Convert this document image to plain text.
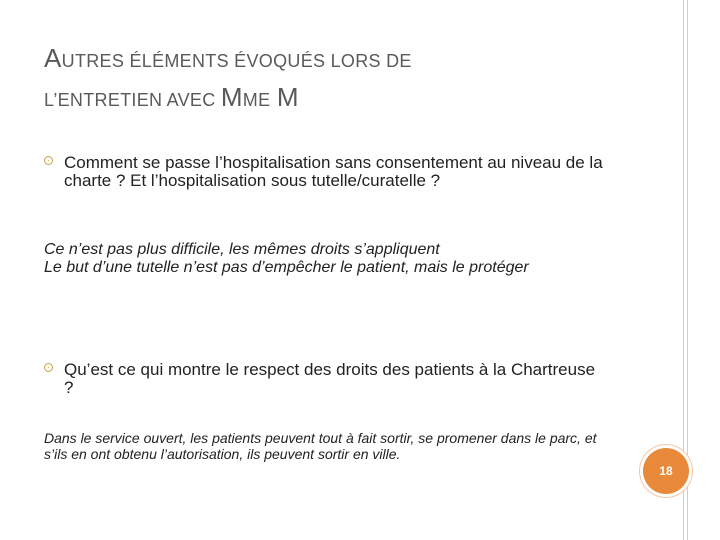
AUTRES ÉLÉMENTS ÉVOQUÉS LORS DE
L’ENTRETIEN AVEC MME M
Comment se passe l’hospitalisation sans consentement au niveau de la charte ? Et l’hospitalisation sous tutelle/curatelle ?
Ce n’est pas plus difficile, les mêmes droits s’appliquent
Le but d’une tutelle n’est pas d’empêcher le patient, mais le protéger
Qu’est ce qui montre le respect des droits des patients à la Chartreuse ?
Dans le service ouvert, les patients peuvent tout à fait sortir, se promener dans le parc, et s’ils en ont obtenu l’autorisation, ils peuvent sortir en ville.
18
